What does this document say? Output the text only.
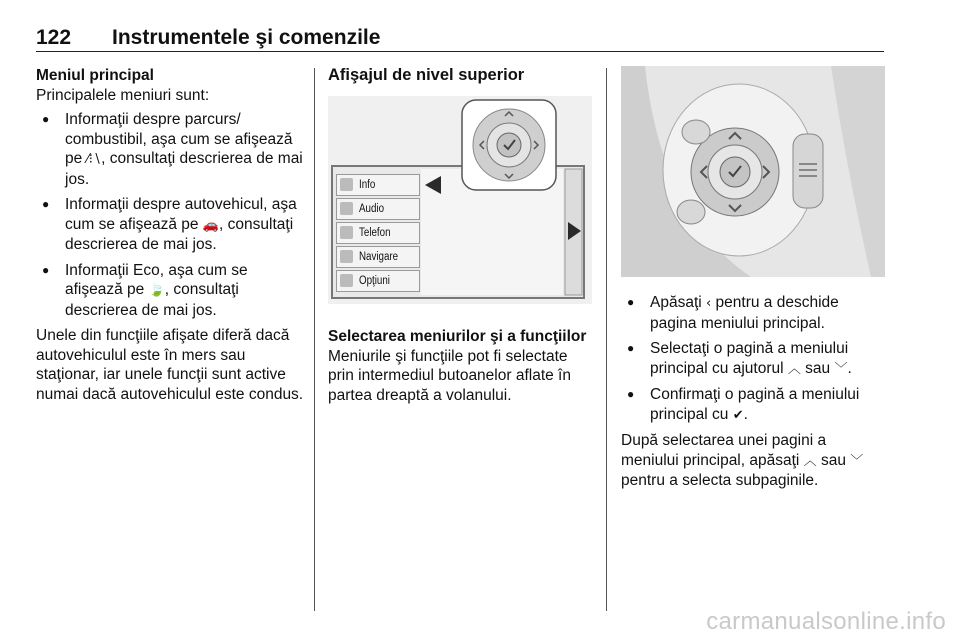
122 Instrumentele şi comenzile

Meniul principal

Principalele meniuri sunt:

● Informaţii despre parcurs/ combustibil, aşa cum se afişează pe ⁄⁝∖, consultaţi descrierea de mai jos.
● Informaţii despre autovehicul, aşa cum se afişează pe 🚗, consultaţi descrierea de mai jos.
● Informaţii Eco, aşa cum se afişează pe 🍃, consultaţi descrierea de mai jos.

Unele din funcţiile afişate diferă dacă autovehiculul este în mers sau staţionar, iar unele funcţii sunt active numai dacă autovehiculul este condus.

Afişajul de nivel superior

Info
Audio
Telefon
Navigare
Opţiuni

Selectarea meniurilor şi a funcţiilor

Meniurile şi funcţiile pot fi selectate prin intermediul butoanelor aflate în partea dreaptă a volanului.

● Apăsaţi ‹ pentru a deschide pagina meniului principal.
● Selectaţi o pagină a meniului principal cu ajutorul ︿ sau ﹀.
● Confirmaţi o pagină a meniului principal cu ✔.

După selectarea unei pagini a meniului principal, apăsaţi ︿ sau ﹀ pentru a selecta subpaginile.

carmanualsonline.info
